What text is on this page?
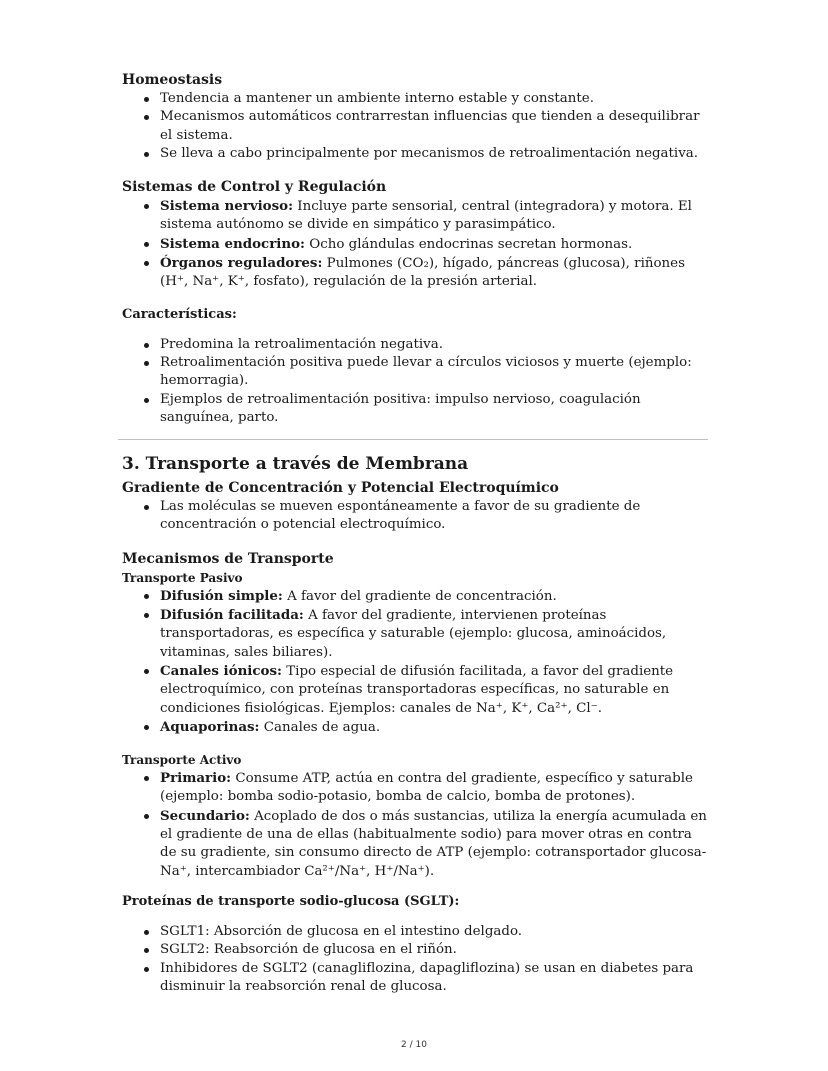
Homeostasis
Tendencia a mantener un ambiente interno estable y constante.
Mecanismos automáticos contrarrestan influencias que tienden a desequilibrar el sistema.
Se lleva a cabo principalmente por mecanismos de retroalimentación negativa.
Sistemas de Control y Regulación
Sistema nervioso: Incluye parte sensorial, central (integradora) y motora. El sistema autónomo se divide en simpático y parasimpático.
Sistema endocrino: Ocho glándulas endocrinas secretan hormonas.
Órganos reguladores: Pulmones (CO₂), hígado, páncreas (glucosa), riñones (H⁺, Na⁺, K⁺, fosfato), regulación de la presión arterial.
Características:
Predomina la retroalimentación negativa.
Retroalimentación positiva puede llevar a círculos viciosos y muerte (ejemplo: hemorragia).
Ejemplos de retroalimentación positiva: impulso nervioso, coagulación sanguínea, parto.
3. Transporte a través de Membrana
Gradiente de Concentración y Potencial Electroquímico
Las moléculas se mueven espontáneamente a favor de su gradiente de concentración o potencial electroquímico.
Mecanismos de Transporte
Transporte Pasivo
Difusión simple: A favor del gradiente de concentración.
Difusión facilitada: A favor del gradiente, intervienen proteínas transportadoras, es específica y saturable (ejemplo: glucosa, aminoácidos, vitaminas, sales biliares).
Canales iónicos: Tipo especial de difusión facilitada, a favor del gradiente electroquímico, con proteínas transportadoras específicas, no saturable en condiciones fisiológicas. Ejemplos: canales de Na⁺, K⁺, Ca²⁺, Cl⁻.
Aquaporinas: Canales de agua.
Transporte Activo
Primario: Consume ATP, actúa en contra del gradiente, específico y saturable (ejemplo: bomba sodio-potasio, bomba de calcio, bomba de protones).
Secundario: Acoplado de dos o más sustancias, utiliza la energía acumulada en el gradiente de una de ellas (habitualmente sodio) para mover otras en contra de su gradiente, sin consumo directo de ATP (ejemplo: cotransportador glucosa-Na⁺, intercambiador Ca²⁺/Na⁺, H⁺/Na⁺).
Proteínas de transporte sodio-glucosa (SGLT):
SGLT1: Absorción de glucosa en el intestino delgado.
SGLT2: Reabsorción de glucosa en el riñón.
Inhibidores de SGLT2 (canagliflozina, dapagliflozina) se usan en diabetes para disminuir la reabsorción renal de glucosa.
2 / 10
